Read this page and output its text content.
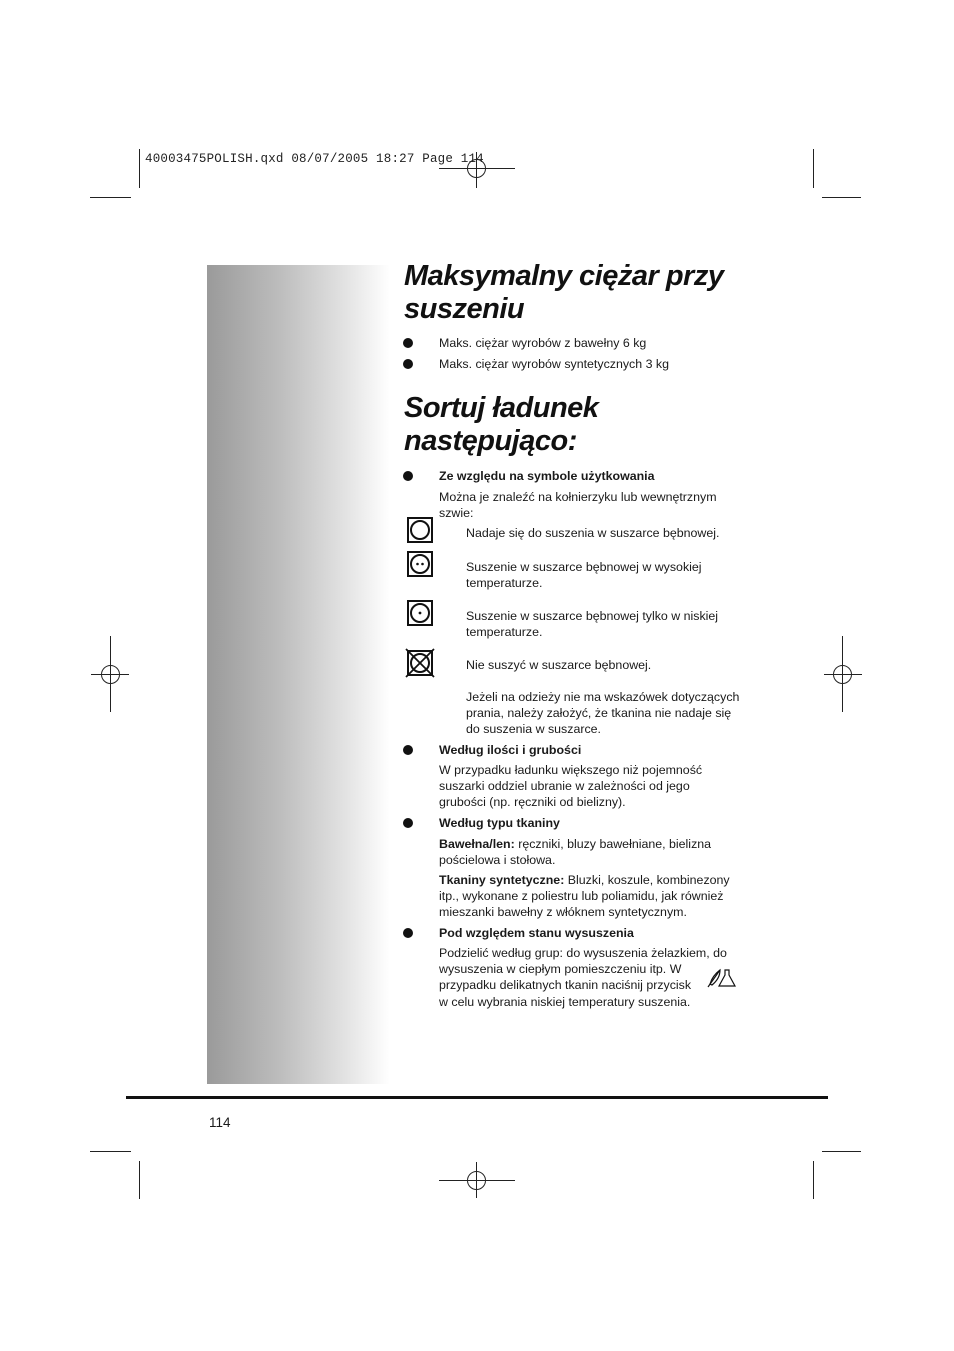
40003475POLISH.qxd 08/07/2005 18:27 Page 114
Maksymalny ciężar przy
suszeniu
Maks. ciężar wyrobów z bawełny 6 kg
Maks. ciężar wyrobów syntetycznych 3 kg
Sortuj ładunek
następująco:
Ze względu na symbole użytkowania
Można je znaleźć na kołnierzyku lub wewnętrznym szwie:
Nadaje się do suszenia w suszarce bębnowej.
Suszenie w suszarce bębnowej w wysokiej temperaturze.
Suszenie w suszarce bębnowej tylko w niskiej temperaturze.
Nie suszyć w suszarce bębnowej.
Jeżeli na odzieży nie ma wskazówek dotyczących prania, należy założyć, że tkanina nie nadaje się do suszenia w suszarce.
Według ilości i grubości
W przypadku ładunku większego niż pojemność suszarki oddziel ubranie w zależności od jego grubości (np. ręczniki od bielizny).
Według typu tkaniny
Bawełna/len: ręczniki, bluzy bawełniane, bielizna pościelowa i stołowa.
Tkaniny syntetyczne: Bluzki, koszule, kombinezony itp., wykonane z poliestru lub poliamidu, jak również mieszanki bawełny z włóknem syntetycznym.
Pod względem stanu wysuszenia
Podzielić według grup: do wysuszenia żelazkiem, do
wysuszenia w ciepłym pomieszczeniu itp. W
przypadku delikatnych tkanin naciśnij przycisk
w celu wybrania niskiej temperatury suszenia.
114
